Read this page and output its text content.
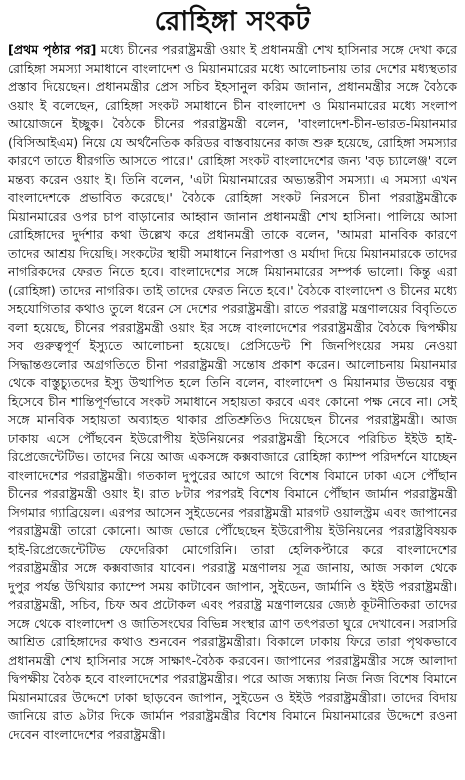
রোহিঙ্গা সংকট

[প্রথম পৃষ্ঠার পর] মধ্যে চীনের পররাষ্ট্রমন্ত্রী ওয়াং ই প্রধানমন্ত্রী শেখ হাসিনার সঙ্গে দেখা করে রোহিঙ্গা সমস্যা সমাধানে বাংলাদেশ ও মিয়ানমারের মধ্যে আলোচনায় তার দেশের মধ্যস্থতার প্রস্তাব দিয়েছেন। প্রধানমন্ত্রীর প্রেস সচিব ইহসানুল করিম জানান, প্রধানমন্ত্রীর সঙ্গে বৈঠকে ওয়াং ই বলেছেন, রোহিঙ্গা সংকট সমাধানে চীন বাংলাদেশ ও মিয়ানমারের মধ্যে সংলাপ আয়োজনে ইচ্ছুক। বৈঠকে চীনের পররাষ্ট্রমন্ত্রী বলেন, 'বাংলাদেশ-চীন-ভারত-মিয়ানমার (বিসিআইএম) নিয়ে যে অর্থনৈতিক করিডর বাস্তবায়নের কাজ শুরু হয়েছে, রোহিঙ্গা সমস্যার কারণে তাতে ধীরগতি আসতে পারে।' রোহিঙ্গা সংকট বাংলাদেশের জন্য 'বড় চ্যালেঞ্জ' বলে মন্তব্য করেন ওয়াং ই। তিনি বলেন, 'এটা মিয়ানমারের অভ্যন্তরীণ সমস্যা। এ সমস্যা এখন বাংলাদেশকে প্রভাবিত করেছে।' বৈঠকে রোহিঙ্গা সংকট নিরসনে চীনা পররাষ্ট্রমন্ত্রীকে মিয়ানমারের ওপর চাপ বাড়ানোর আহ্বান জানান প্রধানমন্ত্রী শেখ হাসিনা। পালিয়ে আসা রোহিঙ্গাদের দুর্দশার কথা উল্লেখ করে প্রধানমন্ত্রী তাকে বলেন, 'আমরা মানবিক কারণে তাদের আশ্রয় দিয়েছি। সংকটের স্থায়ী সমাধানে নিরাপত্তা ও মর্যাদা দিয়ে মিয়ানমারকে তাদের নাগরিকদের ফেরত নিতে হবে। বাংলাদেশের সঙ্গে মিয়ানমারের সম্পর্ক ভালো। কিন্তু এরা (রোহিঙ্গা) তাদের নাগরিক। তাই তাদের ফেরত নিতে হবে।' বৈঠকে বাংলাদেশ ও চীনের মধ্যে সহযোগিতার কথাও তুলে ধরেন সে দেশের পররাষ্ট্রমন্ত্রী। রাতে পররাষ্ট্র মন্ত্রণালয়ের বিবৃতিতে বলা হয়েছে, চীনের পররাষ্ট্রমন্ত্রী ওয়াং ইর সঙ্গে বাংলাদেশের পররাষ্ট্রমন্ত্রীর বৈঠকে দ্বিপক্ষীয় সব গুরুত্বপূর্ণ ইস্যুতে আলোচনা হয়েছে। প্রেসিডেন্ট শি জিনপিংয়ের সময় নেওয়া সিদ্ধান্তগুলোর অগ্রগতিতে চীনা পররাষ্ট্রমন্ত্রী সন্তোষ প্রকাশ করেন। আলোচনায় মিয়ানমার থেকে বাস্তুচ্যুতদের ইস্যু উত্থাপিত হলে তিনি বলেন, বাংলাদেশ ও মিয়ানমার উভয়ের বন্ধু হিসেবে চীন শান্তিপূর্ণভাবে সংকট সমাধানে সহায়তা করবে এবং কোনো পক্ষ নেবে না। সেই সঙ্গে মানবিক সহায়তা অব্যাহত থাকার প্রতিশ্রুতিও দিয়েছেন চীনের পররাষ্ট্রমন্ত্রী। আজ ঢাকায় এসে পৌঁছবেন ইউরোপীয় ইউনিয়নের পররাষ্ট্রমন্ত্রী হিসেবে পরিচিত ইইউ হাই-রিপ্রেজেন্টেটিভ। তাদের নিয়ে আজ একসঙ্গে কক্সবাজারে রোহিঙ্গা ক্যাম্প পরিদর্শনে যাচ্ছেন বাংলাদেশের পররাষ্ট্রমন্ত্রী। গতকাল দুপুরের আগে আগে বিশেষ বিমানে ঢাকা এসে পৌঁছান চীনের পররাষ্ট্রমন্ত্রী ওয়াং ই। রাত ৮টার পরপরই বিশেষ বিমানে পৌঁছান জার্মান পররাষ্ট্রমন্ত্রী সিগমার গ্যাব্রিয়েল। এরপর আসেন সুইডেনের পররাষ্ট্রমন্ত্রী মারগট ওয়ালস্ট্রম এবং জাপানের পররাষ্ট্রমন্ত্রী তারো কোনো। আজ ভোরে পৌঁছেছেন ইউরোপীয় ইউনিয়নের পররাষ্ট্রবিষয়ক হাই-রিপ্রেজেন্টেটিভ ফেদেরিকা মোগেরিনি। তারা হেলিকপ্টারে করে বাংলাদেশের পররাষ্ট্রমন্ত্রীর সঙ্গে কক্সবাজার যাবেন। পররাষ্ট্র মন্ত্রণালয় সূত্র জানায়, আজ সকাল থেকে দুপুর পর্যন্ত উখিয়ার ক্যাম্পে সময় কাটাবেন জাপান, সুইডেন, জার্মানি ও ইইউ পররাষ্ট্রমন্ত্রী। পররাষ্ট্রমন্ত্রী, সচিব, চিফ অব প্রটোকল এবং পররাষ্ট্র মন্ত্রণালয়ের জ্যেষ্ঠ কূটনীতিকরা তাদের সঙ্গে থেকে বাংলাদেশ ও জাতিসংঘের বিভিন্ন সংস্থার ত্রাণ তৎপরতা ঘুরে দেখাবেন। সরাসরি আশ্রিত রোহিঙ্গাদের কথাও শুনবেন পররাষ্ট্রমন্ত্রীরা। বিকালে ঢাকায় ফিরে তারা পৃথকভাবে প্রধানমন্ত্রী শেখ হাসিনার সঙ্গে সাক্ষাৎ-বৈঠক করবেন। জাপানের পররাষ্ট্রমন্ত্রীর সঙ্গে আলাদা দ্বিপক্ষীয় বৈঠক হবে বাংলাদেশের পররাষ্ট্রমন্ত্রীর। পরে আজ সন্ধ্যায় নিজ নিজ বিশেষ বিমানে মিয়ানমারের উদ্দেশে ঢাকা ছাড়বেন জাপান, সুইডেন ও ইইউ পররাষ্ট্রমন্ত্রীরা। তাদের বিদায় জানিয়ে রাত ৯টার দিকে জার্মান পররাষ্ট্রমন্ত্রীর বিশেষ বিমানে মিয়ানমারের উদ্দেশে রওনা দেবেন বাংলাদেশের পররাষ্ট্রমন্ত্রী।
